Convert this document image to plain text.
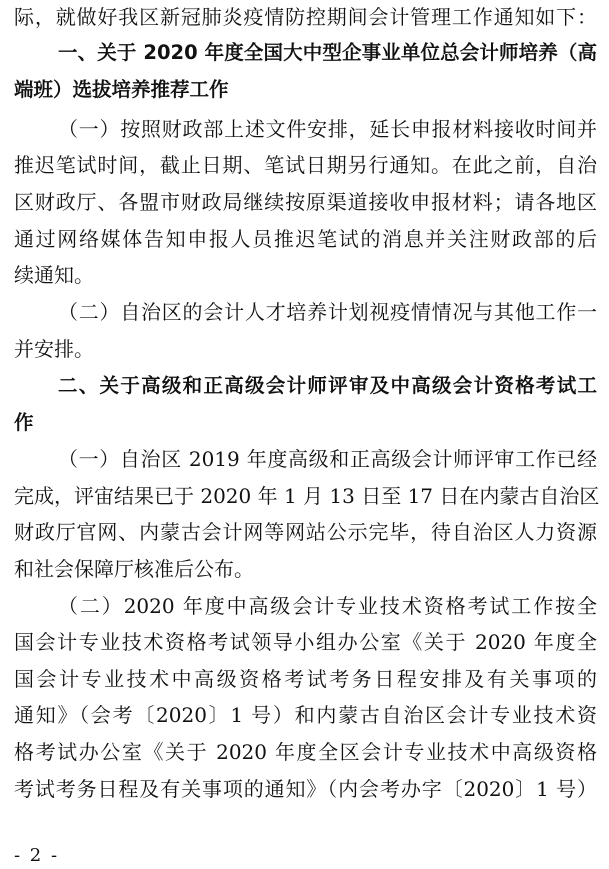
际，就做好我区新冠肺炎疫情防控期间会计管理工作通知如下：
一、关于 2020 年度全国大中型企事业单位总会计师培养（高
端班）选拔培养推荐工作
（一）按照财政部上述文件安排，延长申报材料接收时间并
推迟笔试时间，截止日期、笔试日期另行通知。在此之前，自治
区财政厅、各盟市财政局继续按原渠道接收申报材料；请各地区
通过网络媒体告知申报人员推迟笔试的消息并关注财政部的后
续通知。
（二）自治区的会计人才培养计划视疫情情况与其他工作一
并安排。
二、关于高级和正高级会计师评审及中高级会计资格考试工
作
（一）自治区 2019 年度高级和正高级会计师评审工作已经
完成，评宙结果已于 2020 年 1 月 13 日至 17 日在内蒙古自治区
财政厅官网、内蒙古会计网等网站公示完毕，待自治区人力资源
和社会保障厅核准后公布。
（二）2020 年度中高级会计专业技术资格考试工作按全
国会计专业技术资格考试领导小组办公室《关于 2020 年度全
国会计专业技术中高级资格考试考务日程安排及有关事项的
通知》（会考〔2020〕1 号）和内蒙古自治区会计专业技术资
格考试办公室《关于 2020 年度全区会计专业技术中高级资格
考试考务日程及有关事项的通知》（内会考办字〔2020〕1 号）
- 2 -
